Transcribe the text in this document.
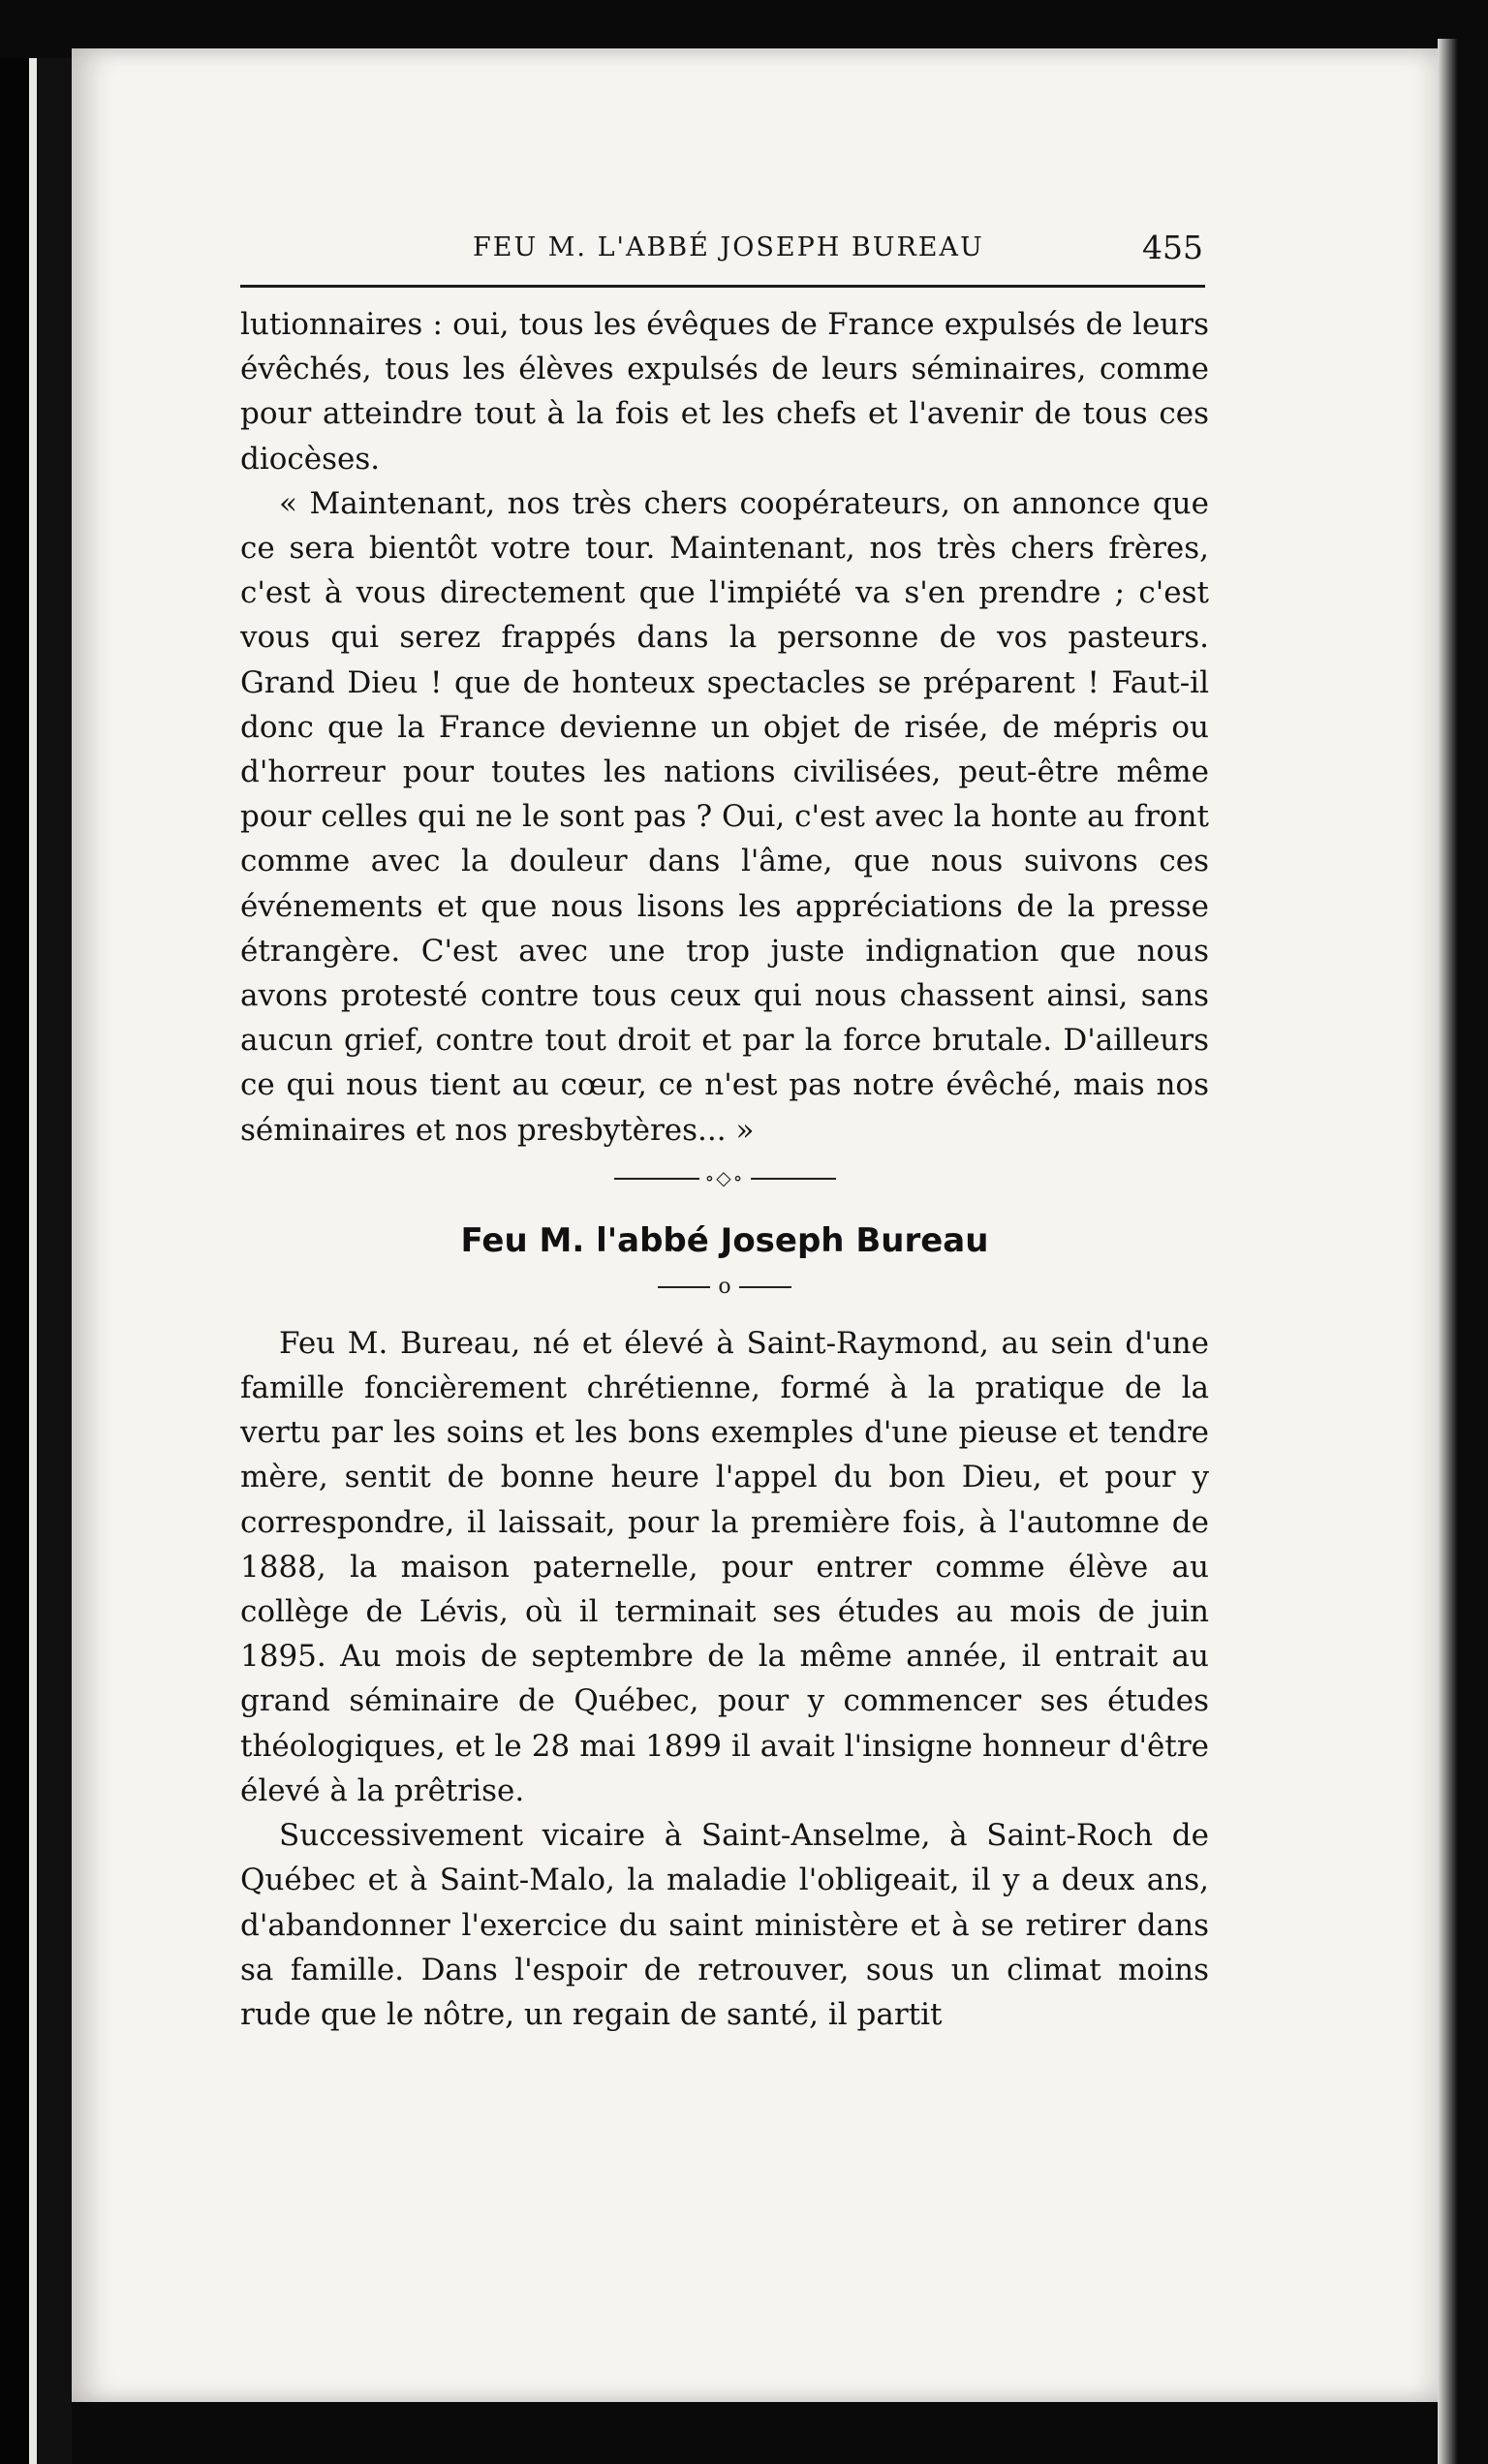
FEU M. L'ABBÉ JOSEPH BUREAU	455

lutionnaires : oui, tous les évêques de France expulsés de leurs évêchés, tous les élèves expulsés de leurs séminaires, comme pour atteindre tout à la fois et les chefs et l'avenir de tous ces diocèses.

« Maintenant, nos très chers coopérateurs, on annonce que ce sera bientôt votre tour. Maintenant, nos très chers frères, c'est à vous directement que l'impiété va s'en prendre ; c'est vous qui serez frappés dans la personne de vos pasteurs. Grand Dieu ! que de honteux spectacles se préparent ! Faut-il donc que la France devienne un objet de risée, de mépris ou d'horreur pour toutes les nations civilisées, peut-être même pour celles qui ne le sont pas ? Oui, c'est avec la honte au front comme avec la douleur dans l'âme, que nous suivons ces événements et que nous lisons les appréciations de la presse étrangère. C'est avec une trop juste indignation que nous avons protesté contre tous ceux qui nous chassent ainsi, sans aucun grief, contre tout droit et par la force brutale. D'ailleurs ce qui nous tient au cœur, ce n'est pas notre évêché, mais nos séminaires et nos presbytères... »

∘◇∘
Feu M. l'abbé Joseph Bureau
o

Feu M. Bureau, né et élevé à Saint-Raymond, au sein d'une famille foncièrement chrétienne, formé à la pratique de la vertu par les soins et les bons exemples d'une pieuse et tendre mère, sentit de bonne heure l'appel du bon Dieu, et pour y correspondre, il laissait, pour la première fois, à l'automne de 1888, la maison paternelle, pour entrer comme élève au collège de Lévis, où il terminait ses études au mois de juin 1895. Au mois de septembre de la même année, il entrait au grand séminaire de Québec, pour y commencer ses études théologiques, et le 28 mai 1899 il avait l'insigne honneur d'être élevé à la prêtrise.

Successivement vicaire à Saint-Anselme, à Saint-Roch de Québec et à Saint-Malo, la maladie l'obligeait, il y a deux ans, d'abandonner l'exercice du saint ministère et à se retirer dans sa famille. Dans l'espoir de retrouver, sous un climat moins rude que le nôtre, un regain de santé, il partit
